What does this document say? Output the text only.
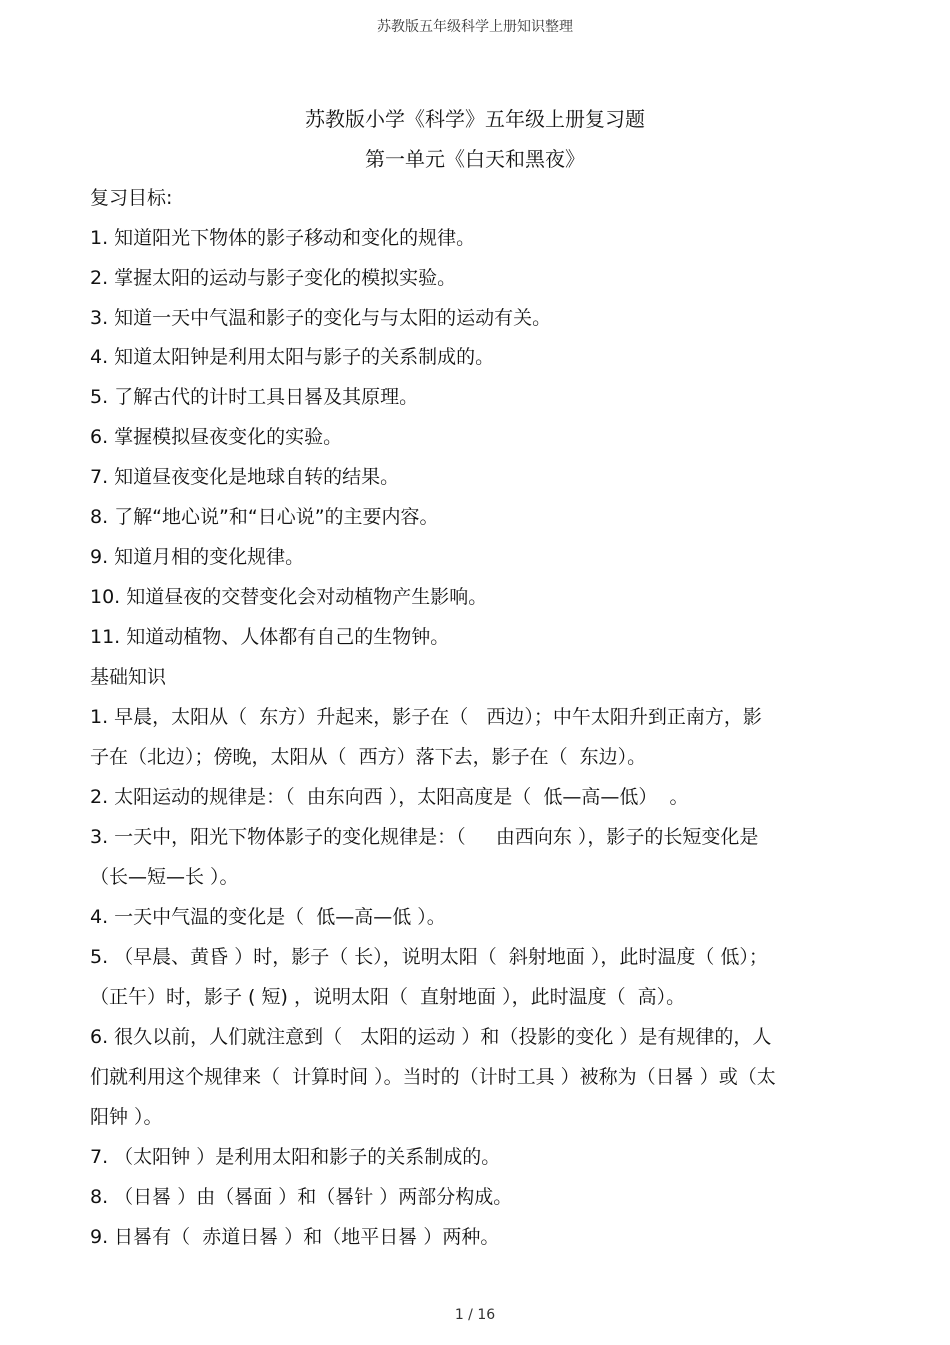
苏教版五年级科学上册知识整理
苏教版小学《科学》五年级上册复习题
第一单元《白天和黑夜》
复习目标:
1. 知道阳光下物体的影子移动和变化的规律。
2. 掌握太阳的运动与影子变化的模拟实验。
3. 知道一天中气温和影子的变化与与太阳的运动有关。
4. 知道太阳钟是利用太阳与影子的关系制成的。
5. 了解古代的计时工具日晷及其原理。
6. 掌握模拟昼夜变化的实验。
7. 知道昼夜变化是地球自转的结果。
8. 了解“地心说”和“日心说”的主要内容。
9. 知道月相的变化规律。
10. 知道昼夜的交替变化会对动植物产生影响。
11. 知道动植物、人体都有自己的生物钟。
基础知识
1. 早晨，太阳从（  东方）升起来，影子在（   西边）；中午太阳升到正南方，影
子在（北边）；傍晚，太阳从（  西方）落下去，影子在（  东边）。
2. 太阳运动的规律是：（  由东向西 ），太阳高度是（  低—高—低）  。
3. 一天中，阳光下物体影子的变化规律是：（     由西向东 ），影子的长短变化是
（长—短—长 ）。
4. 一天中气温的变化是（  低—高—低 ）。
5. （早晨、黄昏 ）时，影子（ 长），说明太阳（  斜射地面 ），此时温度（ 低）；
（正午）时，影子 ( 短) ，说明太阳（  直射地面 ），此时温度（  高）。
6. 很久以前，人们就注意到（   太阳的运动 ）和（投影的变化 ）是有规律的，人
们就利用这个规律来（  计算时间 ）。当时的（计时工具 ）被称为（日晷 ）或（太
阳钟 ）。
7. （太阳钟 ）是利用太阳和影子的关系制成的。
8. （日晷 ）由（晷面 ）和（晷针 ）两部分构成。
9. 日晷有（  赤道日晷 ）和（地平日晷 ）两种。
1 / 16
